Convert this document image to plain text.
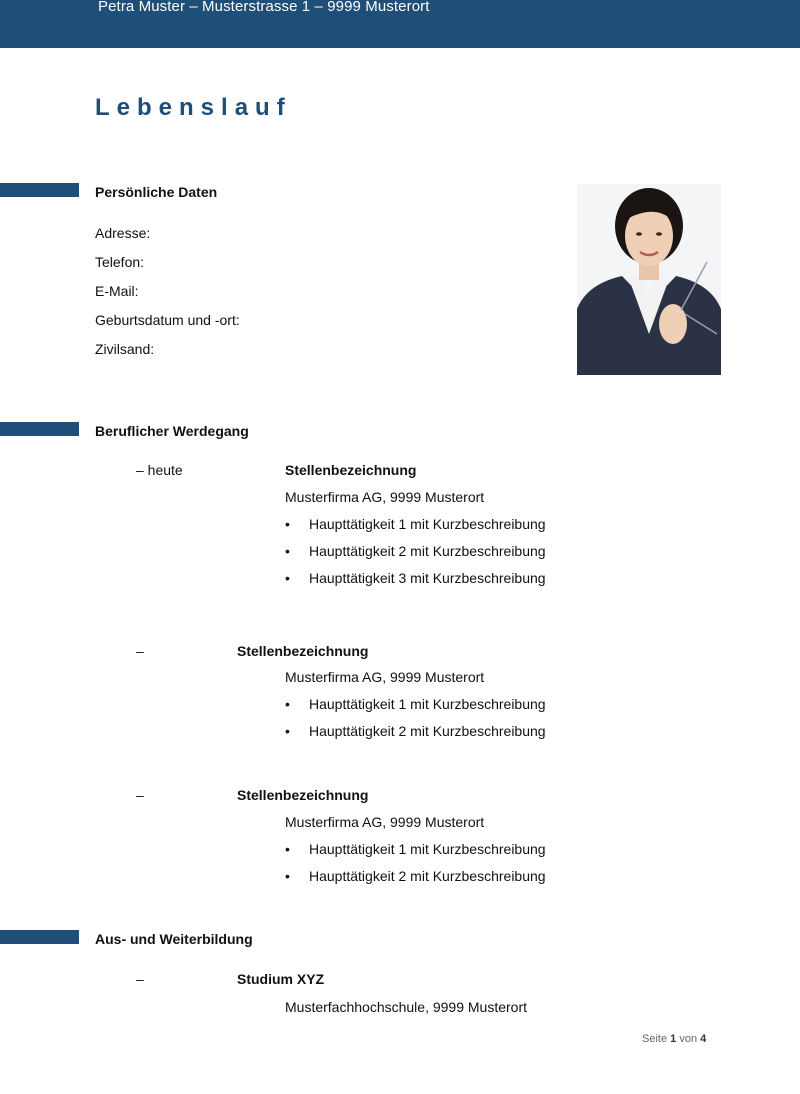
Petra Muster – Musterstrasse 1 – 9999 Musterort
Lebenslauf
Persönliche Daten
Adresse:
Telefon:
E-Mail:
Geburtsdatum und -ort:
Zivilsand:
Beruflicher Werdegang
– heute	Stellenbezeichnung
Musterfirma AG, 9999 Musterort
• Haupttätigkeit 1 mit Kurzbeschreibung
• Haupttätigkeit 2 mit Kurzbeschreibung
• Haupttätigkeit 3 mit Kurzbeschreibung
–	Stellenbezeichnung
Musterfirma AG, 9999 Musterort
• Haupttätigkeit 1 mit Kurzbeschreibung
• Haupttätigkeit 2 mit Kurzbeschreibung
–	Stellenbezeichnung
Musterfirma AG, 9999 Musterort
• Haupttätigkeit 1 mit Kurzbeschreibung
• Haupttätigkeit 2 mit Kurzbeschreibung
Aus- und Weiterbildung
–	Studium XYZ
Musterfachhochschule, 9999 Musterort
Seite 1 von 4
